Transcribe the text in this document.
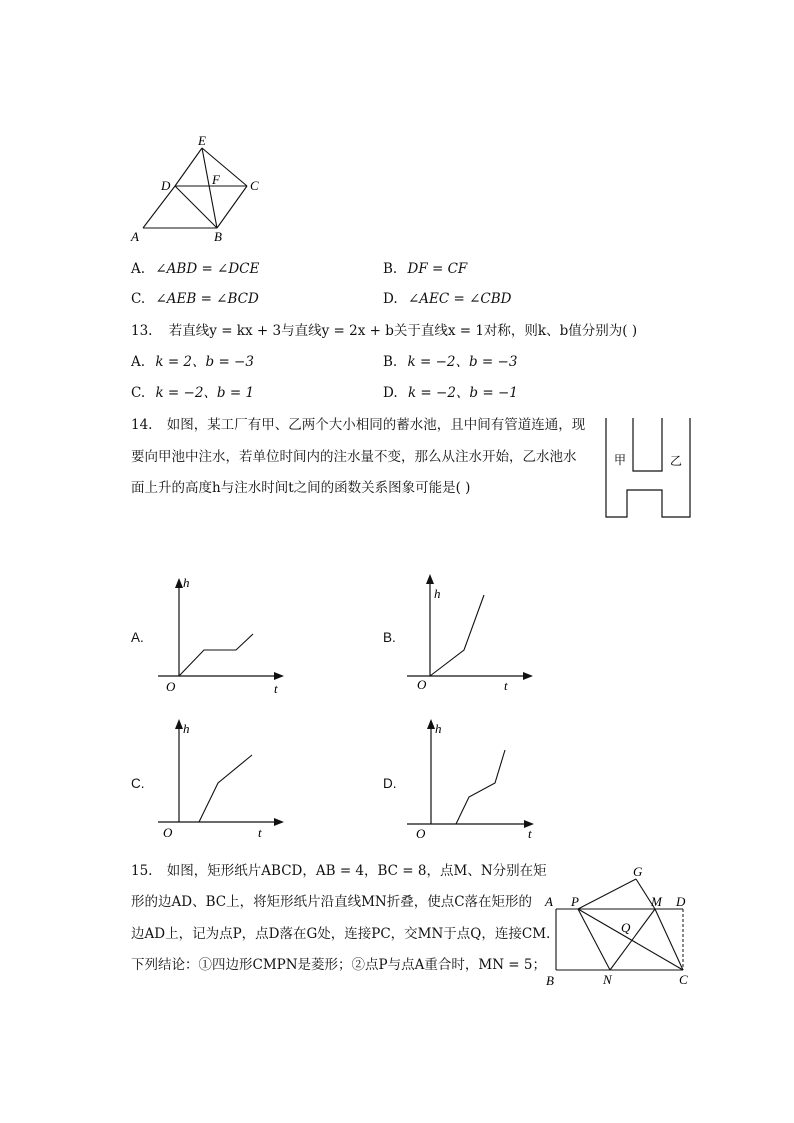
E
D	F C
A	B
A. ∠ABD = ∠DCE	B. DF = CF
C. ∠AEB = ∠BCD	D. ∠AEC = ∠CBD
13. 若直线y = kx + 3与直线y = 2x + b关于直线x = 1对称，则k、b值分别为( )
A. k = 2、b = −3	B. k = −2、b = −3
C. k = −2、b = 1	D. k = −2、b = −1
14. 如图，某工厂有甲、乙两个大小相同的蓄水池，且中间有管道连通，现
要向甲池中注水，若单位时间内的注水量不变，那么从注水开始，乙水池水
面上升的高度h与注水时间t之间的函数关系图象可能是( )
甲	乙
A.
h
t
O
B.
h
t
O
C.
h
t
O
D.
h
t
O
15. 如图，矩形纸片ABCD，AB = 4，BC = 8，点M、N分别在矩
形的边AD、BC上，将矩形纸片沿直线MN折叠，使点C落在矩形的
边AD上，记为点P，点D落在G处，连接PC，交MN于点Q，连接CM.
下列结论：①四边形CMPN是菱形；②点P与点A重合时，MN = 5；
A P
G
M D
Q
B	N	C
